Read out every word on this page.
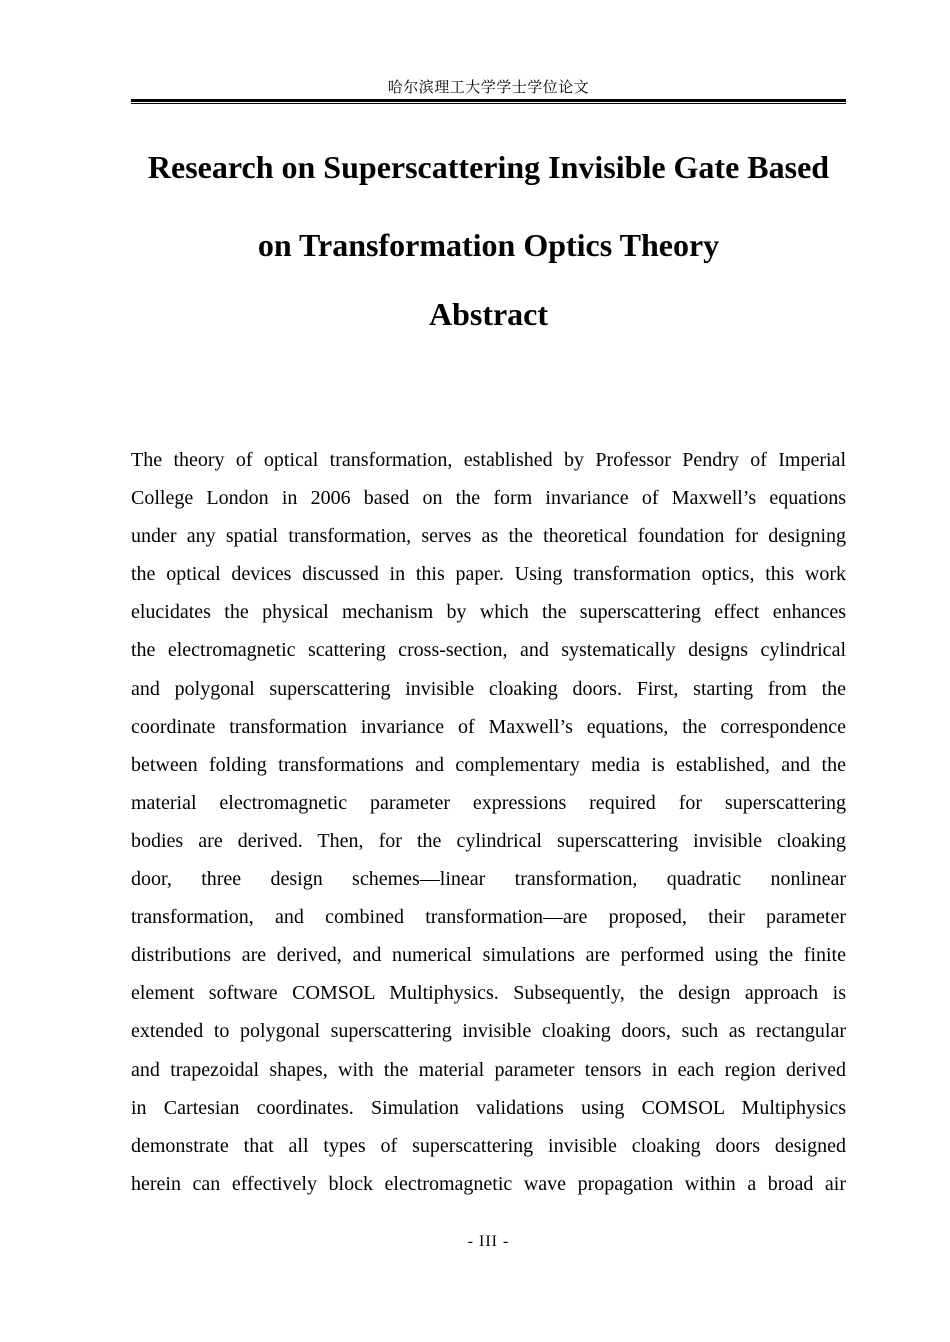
哈尔滨理工大学学士学位论文
Research on Superscattering Invisible Gate Based
on Transformation Optics Theory
Abstract
The theory of optical transformation, established by Professor Pendry of Imperial
College London in 2006 based on the form invariance of Maxwell’s equations
under any spatial transformation, serves as the theoretical foundation for designing
the optical devices discussed in this paper. Using transformation optics, this work
elucidates the physical mechanism by which the superscattering effect enhances
the electromagnetic scattering cross-section, and systematically designs cylindrical
and polygonal superscattering invisible cloaking doors. First, starting from the
coordinate transformation invariance of Maxwell’s equations, the correspondence
between folding transformations and complementary media is established, and the
material electromagnetic parameter expressions required for superscattering
bodies are derived. Then, for the cylindrical superscattering invisible cloaking
door, three design schemes—linear transformation, quadratic nonlinear
transformation, and combined transformation—are proposed, their parameter
distributions are derived, and numerical simulations are performed using the finite
element software COMSOL Multiphysics. Subsequently, the design approach is
extended to polygonal superscattering invisible cloaking doors, such as rectangular
and trapezoidal shapes, with the material parameter tensors in each region derived
in Cartesian coordinates. Simulation validations using COMSOL Multiphysics
demonstrate that all types of superscattering invisible cloaking doors designed
herein can effectively block electromagnetic wave propagation within a broad air
- III -
